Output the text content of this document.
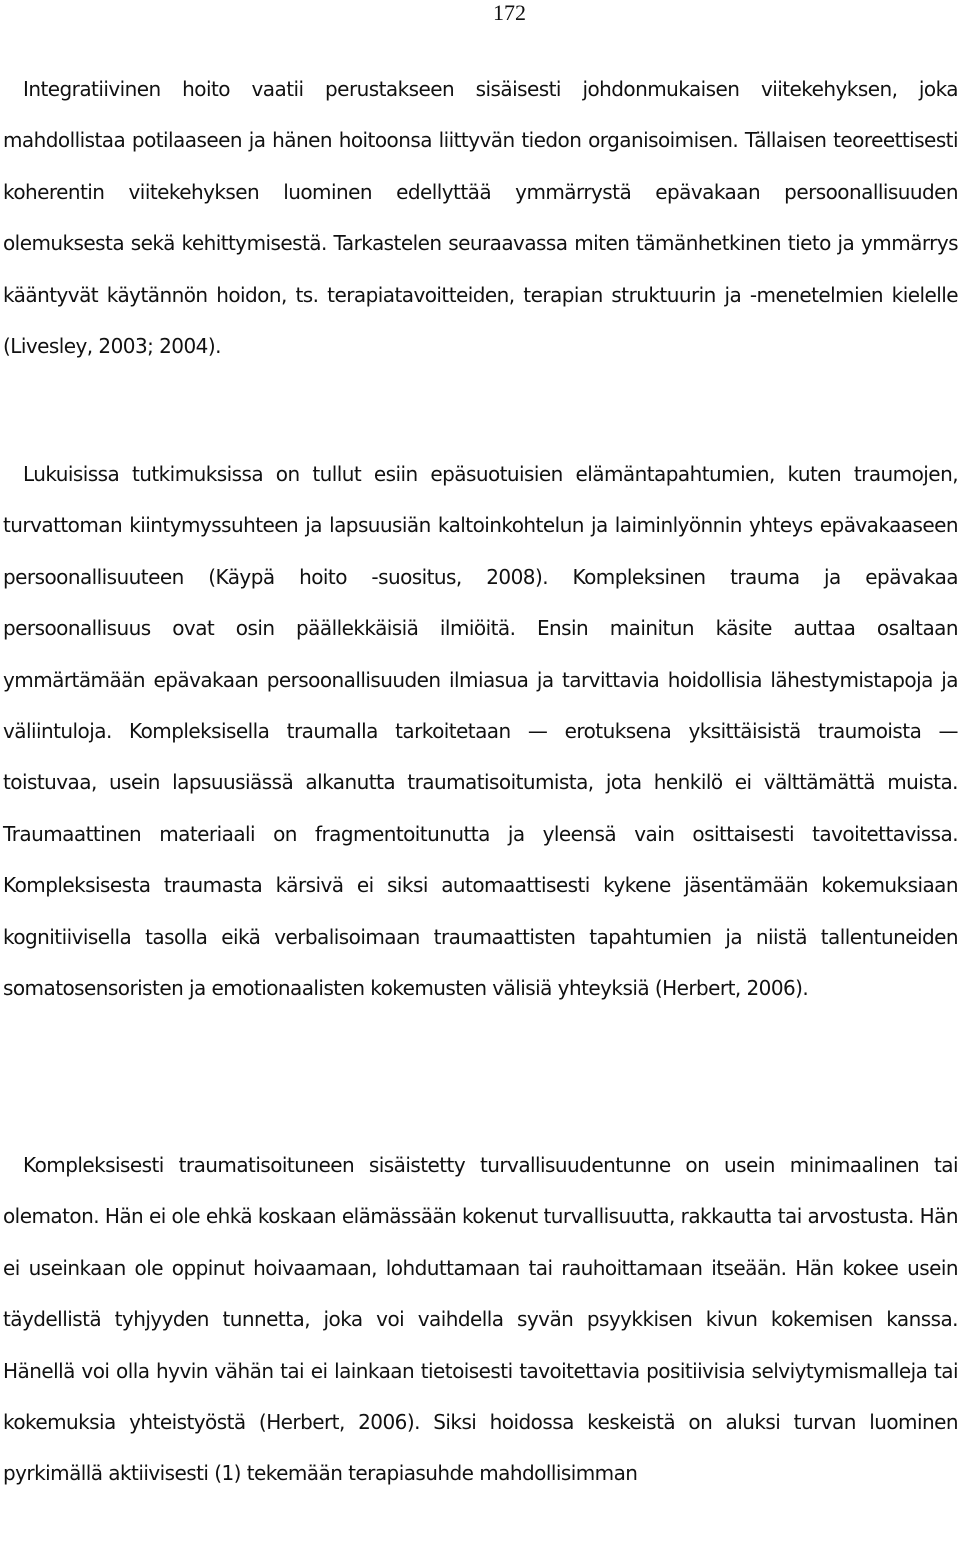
172

Integratiivinen hoito vaatii perustakseen sisäisesti johdonmukaisen viitekehyksen, joka mahdollistaa potilaaseen ja hänen hoitoonsa liittyvän tiedon organisoimisen. Tällaisen teoreettisesti koherentin viitekehyksen luominen edellyttää ymmärrystä epävakaan persoonallisuuden olemuksesta sekä kehittymisestä. Tarkastelen seuraavassa miten tämänhetkinen tieto ja ymmärrys kääntyvät käytännön hoidon, ts. terapiatavoitteiden, terapian struktuurin ja -menetelmien kielelle (Livesley, 2003; 2004).

Lukuisissa tutkimuksissa on tullut esiin epäsuotuisien elämäntapahtumien, kuten traumojen, turvattoman kiintymyssuhteen ja lapsuusiän kaltoinkohtelun ja laiminlyönnin yhteys epävakaaseen persoonallisuuteen (Käypä hoito -suositus, 2008). Kompleksinen trauma ja epävakaa persoonallisuus ovat osin päällekkäisiä ilmiöitä. Ensin mainitun käsite auttaa osaltaan ymmärtämään epävakaan persoonallisuuden ilmiasua ja tarvittavia hoidollisia lähestymistapoja ja väliintuloja. Kompleksisella traumalla tarkoitetaan — erotuksena yksittäisistä traumoista — toistuvaa, usein lapsuusiässä alkanutta traumatisoitumista, jota henkilö ei välttämättä muista. Traumaattinen materiaali on fragmentoitunutta ja yleensä vain osittaisesti tavoitettavissa. Kompleksisesta traumasta kärsivä ei siksi automaattisesti kykene jäsentämään kokemuksiaan kognitiivisella tasolla eikä verbalisoimaan traumaattisten tapahtumien ja niistä tallentuneiden somatosensoristen ja emotionaalisten kokemusten välisiä yhteyksiä (Herbert, 2006).

Kompleksisesti traumatisoituneen sisäistetty turvallisuudentunne on usein minimaalinen tai olematon. Hän ei ole ehkä koskaan elämässään kokenut turvallisuutta, rakkautta tai arvostusta. Hän ei useinkaan ole oppinut hoivaamaan, lohduttamaan tai rauhoittamaan itseään. Hän kokee usein täydellistä tyhjyyden tunnetta, joka voi vaihdella syvän psyykkisen kivun kokemisen kanssa. Hänellä voi olla hyvin vähän tai ei lainkaan tietoisesti tavoitettavia positiivisia selviytymismalleja tai kokemuksia yhteistyöstä (Herbert, 2006). Siksi hoidossa keskeistä on aluksi turvan luominen pyrkimällä aktiivisesti (1) tekemään terapiasuhde mahdollisimman
